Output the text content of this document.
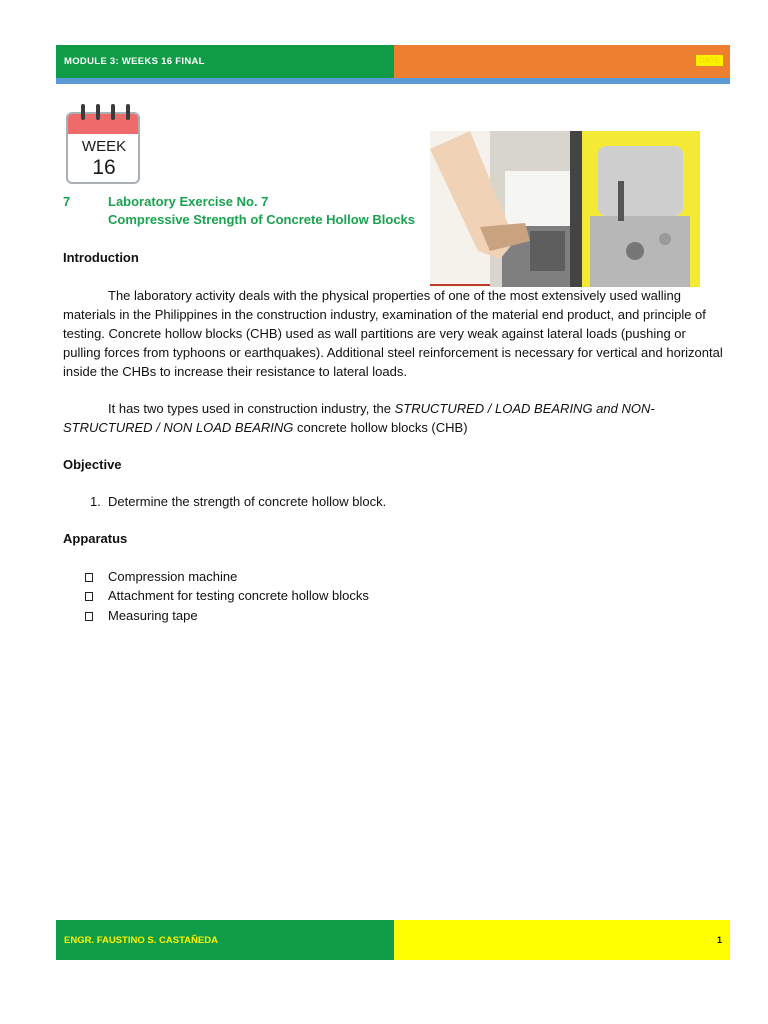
MODULE 3: WEEKS 16 FINAL	DATE
WEEK
16
7	Laboratory Exercise No. 7
Compressive Strength of Concrete Hollow Blocks
Introduction
The laboratory activity deals with the physical properties of one of the most extensively used walling materials in the Philippines in the construction industry, examination of the material end product, and principle of testing. Concrete hollow blocks (CHB) used as wall partitions are very weak against lateral loads (pushing or pulling forces from typhoons or earthquakes). Additional steel reinforcement is necessary for vertical and horizontal inside the CHBs to increase their resistance to lateral loads.
It has two types used in construction industry, the STRUCTURED / LOAD BEARING and NON-STRUCTURED / NON LOAD BEARING concrete hollow blocks (CHB)
Objective
1. Determine the strength of concrete hollow block.
Apparatus
Compression machine
Attachment for testing concrete hollow blocks
Measuring tape
ENGR. FAUSTINO S. CASTAÑEDA	1
